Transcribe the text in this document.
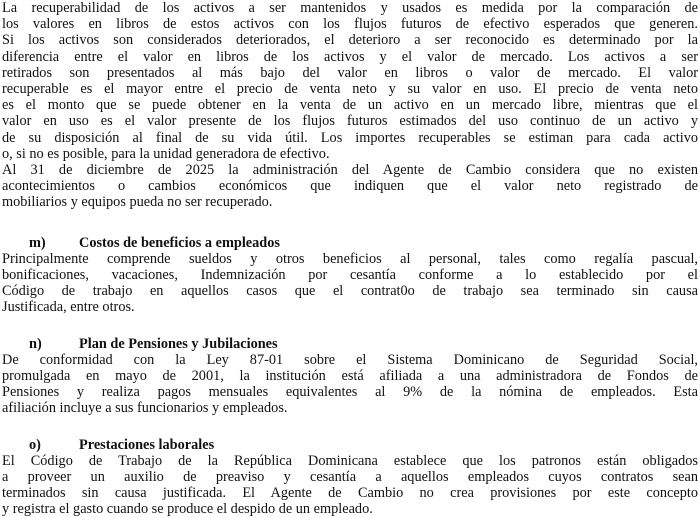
La recuperabilidad de los activos a ser mantenidos y usados es medida por la comparación de
los valores en libros de estos activos con los flujos futuros de efectivo esperados que generen.
Si los activos son considerados deteriorados, el deterioro a ser reconocido es determinado por la
diferencia entre el valor en libros de los activos y el valor de mercado. Los activos a ser
retirados son presentados al más bajo del valor en libros o valor de mercado. El valor
recuperable es el mayor entre el precio de venta neto y su valor en uso. El precio de venta neto
es el monto que se puede obtener en la venta de un activo en un mercado libre, mientras que el
valor en uso es el valor presente de los flujos futuros estimados del uso continuo de un activo y
de su disposición al final de su vida útil. Los importes recuperables se estiman para cada activo
o, si no es posible, para la unidad generadora de efectivo.
Al 31 de diciembre de 2025 la administración del Agente de Cambio considera que no existen
acontecimientos o cambios económicos que indiquen que el valor neto registrado de
mobiliarios y equipos pueda no ser recuperado.

m) Costos de beneficios a empleados

Principalmente comprende sueldos y otros beneficios al personal, tales como regalía pascual,
bonificaciones, vacaciones, Indemnización por cesantía conforme a lo establecido por el
Código de trabajo en aquellos casos que el contrat0o de trabajo sea terminado sin causa
Justificada, entre otros.

n)	Plan de Pensiones y Jubilaciones

De conformidad con la Ley 87-01 sobre el Sistema Dominicano de Seguridad Social,
promulgada en mayo de 2001, la institución está afiliada a una administradora de Fondos de
Pensiones y realiza pagos mensuales equivalentes al 9% de la nómina de empleados. Esta
afiliación incluye a sus funcionarios y empleados.

o)	Prestaciones laborales

El Código de Trabajo de la República Dominicana establece que los patronos están obligados
a proveer un auxilio de preaviso y cesantía a aquellos empleados cuyos contratos sean
terminados sin causa justificada. El Agente de Cambio no crea provisiones por este concepto
y registra el gasto cuando se produce el despido de un empleado.
